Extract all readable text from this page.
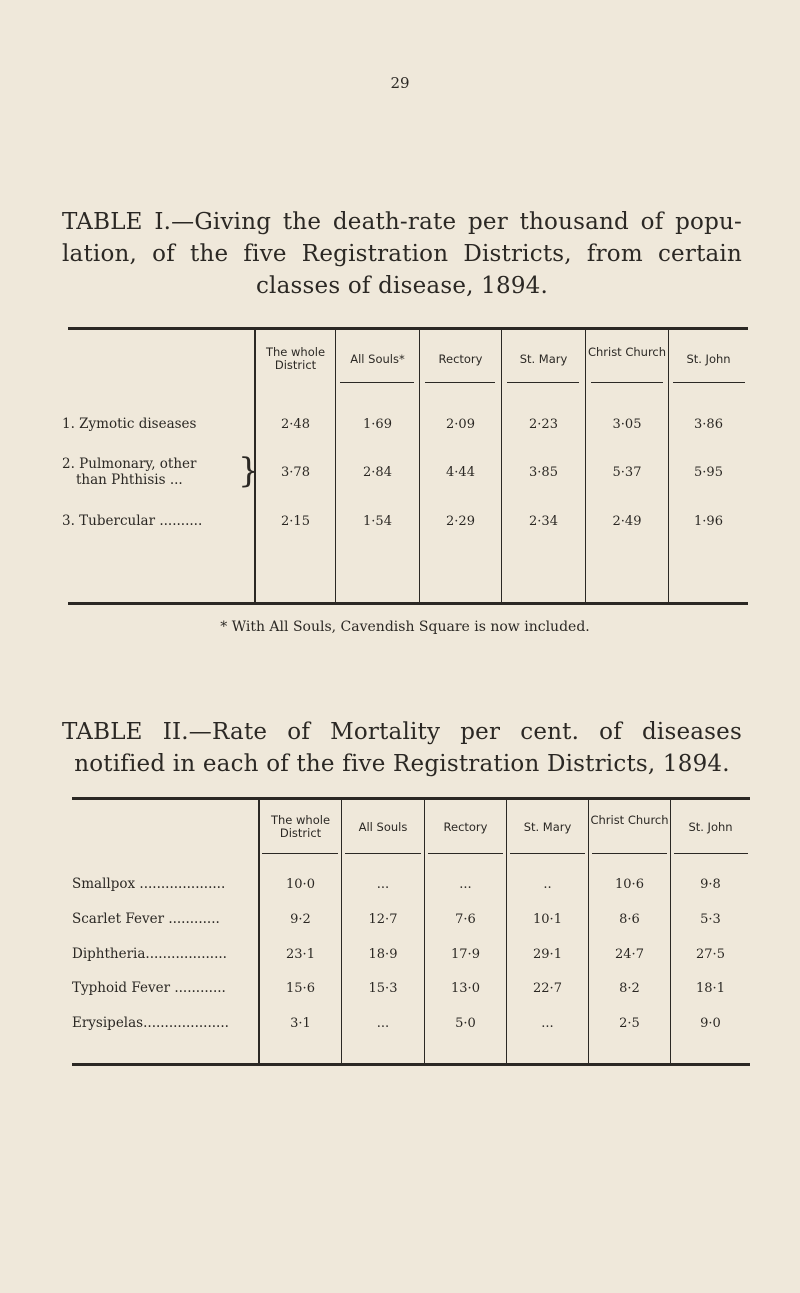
29
TABLE I.—Giving the death-rate per thousand of popu- lation, of the five Registration Districts, from certain classes of disease, 1894.
The whole District	All Souls*	Rectory	St. Mary	Christ Church	St. John
1. Zymotic diseases	2·48	1·69	2·09	2·23	3·05	3·86
2. Pulmonary, other
than Phthisis ... }	3·78	2·84	4·44	3·85	5·37	5·95
3. Tubercular ..........	2·15	1·54	2·29	2·34	2·49	1·96
* With All Souls, Cavendish Square is now included.
TABLE II.—Rate of Mortality per cent. of diseases notified in each of the five Registration Districts, 1894.
The whole District	All Souls	Rectory	St. Mary	Christ Church	St. John
Smallpox ....................	10·0	...	...	..	10·6	9·8
Scarlet Fever ............	9·2	12·7	7·6	10·1	8·6	5·3
Diphtheria...................	23·1	18·9	17·9	29·1	24·7	27·5
Typhoid Fever ............	15·6	15·3	13·0	22·7	8·2	18·1
Erysipelas....................	3·1	...	5·0	...	2·5	9·0
